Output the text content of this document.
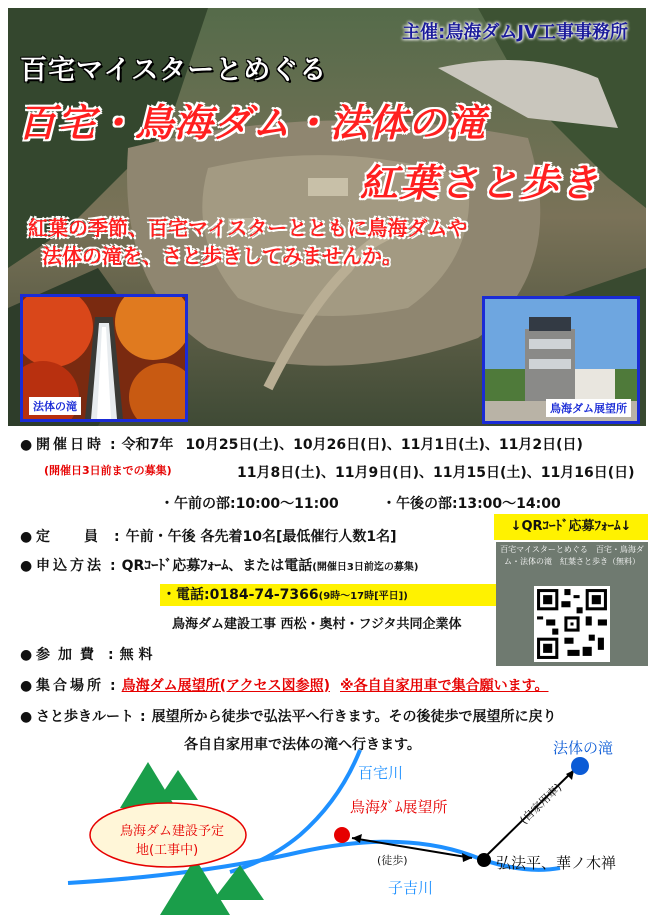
主催:鳥海ダムJV工事事務所
百宅マイスターとめぐる
百宅・鳥海ダム・法体の滝
紅葉さと歩き
紅葉の季節、百宅マイスターとともに鳥海ダムや
法体の滝を、さと歩きしてみませんか。
法体の滝	鳥海ダム展望所
● 開催日時 : 令和7年 10月25日(土)、10月26日(日)、11月1日(土)、11月2日(日)
(開催日3日前までの募集)	11月8日(土)、11月9日(日)、11月15日(土)、11月16日(日)
・午前の部:10:00〜11:00	・午後の部:13:00〜14:00
● 定　員 : 午前・午後 各先着10名[最低催行人数1名]
● 申込方法 : QRｺｰﾄﾞ応募ﾌｫｰﾑ、または電話(開催日3日前迄の募集)
・電話:0184-74-7366(9時〜17時[平日])
鳥海ダム建設工事 西松・奥村・フジタ共同企業体
↓QRｺｰﾄﾞ応募ﾌｫｰﾑ↓
百宅マイスターとめぐる　百宅・鳥海ダム・法体の滝　紅葉さと歩き（無料）
● 参加費 : 無 料
● 集合場所 : 鳥海ダム展望所(アクセス図参照) ※各自自家用車で集合願います。
● さと歩きルート : 展望所から徒歩で弘法平へ行きます。その後徒歩で展望所に戻り
各自自家用車で法体の滝へ行きます。	法体の滝
百宅川
鳥海ﾀﾞﾑ展望所
鳥海ダム建設予定
地(工事中)
(徒歩)
(自家用車)
弘法平、華ノ木禅
子吉川
